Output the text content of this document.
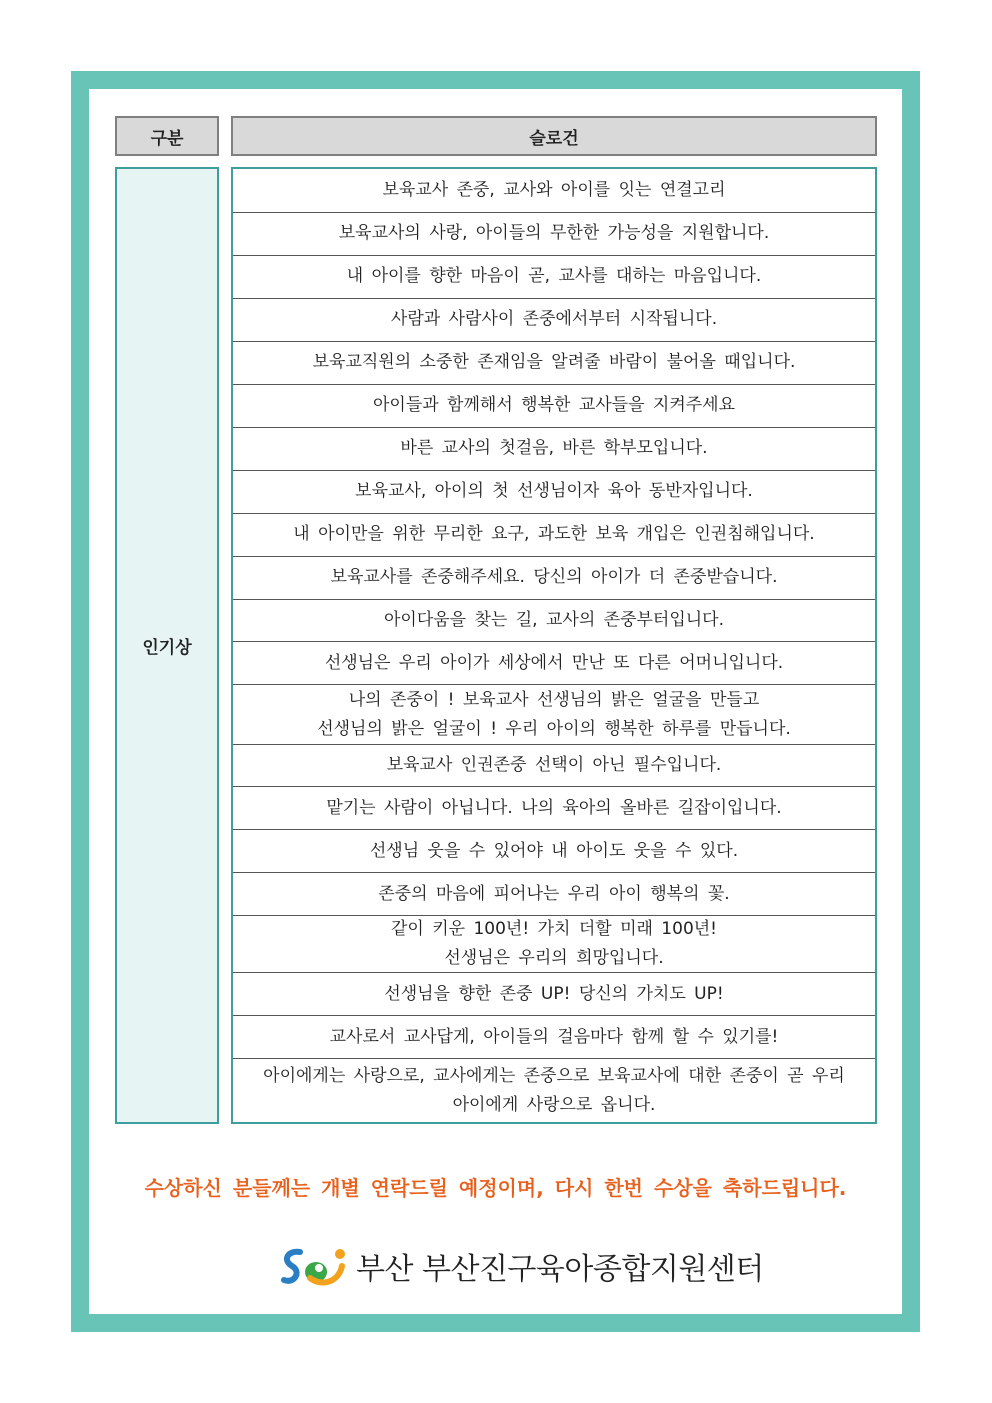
구분	슬로건
인기상
보육교사 존중, 교사와 아이를 잇는 연결고리
보육교사의 사랑, 아이들의 무한한 가능성을 지원합니다.
내 아이를 향한 마음이 곧, 교사를 대하는 마음입니다.
사람과 사람사이 존중에서부터 시작됩니다.
보육교직원의 소중한 존재임을 알려줄 바람이 불어올 때입니다.
아이들과 함께해서 행복한 교사들을 지켜주세요
바른 교사의 첫걸음, 바른 학부모입니다.
보육교사, 아이의 첫 선생님이자 육아 동반자입니다.
내 아이만을 위한 무리한 요구, 과도한 보육 개입은 인권침해입니다.
보육교사를 존중해주세요. 당신의 아이가 더 존중받습니다.
아이다움을 찾는 길, 교사의 존중부터입니다.
선생님은 우리 아이가 세상에서 만난 또 다른 어머니입니다.
나의 존중이 ! 보육교사 선생님의 밝은 얼굴을 만들고
선생님의 밝은 얼굴이 ! 우리 아이의 행복한 하루를 만듭니다.
보육교사 인권존중 선택이 아닌 필수입니다.
맡기는 사람이 아닙니다. 나의 육아의 올바른 길잡이입니다.
선생님 웃을 수 있어야 내 아이도 웃을 수 있다.
존중의 마음에 피어나는 우리 아이 행복의 꽃.
같이 키운 100년! 가치 더할 미래 100년!
선생님은 우리의 희망입니다.
선생님을 향한 존중 UP! 당신의 가치도 UP!
교사로서 교사답게, 아이들의 걸음마다 함께 할 수 있기를!
아이에게는 사랑으로, 교사에게는 존중으로 보육교사에 대한 존중이 곧 우리
아이에게 사랑으로 옵니다.
수상하신 분들께는 개별 연락드릴 예정이며, 다시 한번 수상을 축하드립니다.
부산 부산진구육아종합지원센터
